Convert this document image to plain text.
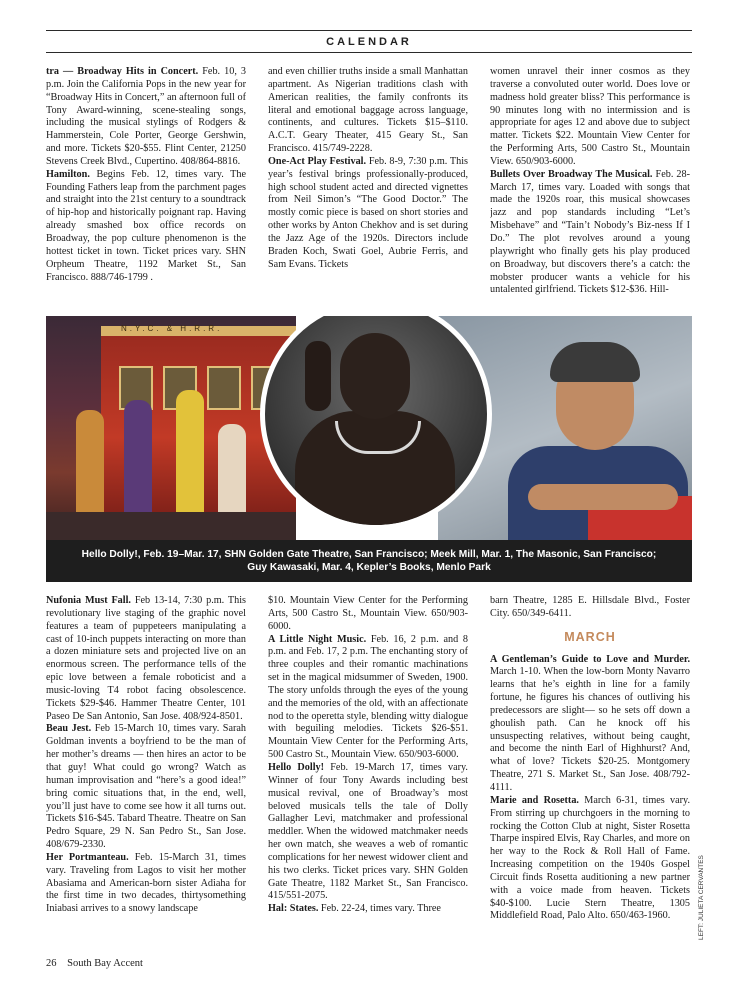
CALENDAR

tra — Broadway Hits in Concert. Feb. 10, 3 p.m. Join the California Pops in the new year for “Broadway Hits in Concert,” an afternoon full of Tony Award-winning, scene-stealing songs, including the musical stylings of Rodgers & Hammerstein, Cole Porter, George Gershwin, and more. Tickets $20-$55. Flint Center, 21250 Stevens Creek Blvd., Cupertino. 408/864-8816.

Hamilton. Begins Feb. 12, times vary. The Founding Fathers leap from the parchment pages and straight into the 21st century to a soundtrack of hip-hop and historically poignant rap. Having already smashed box office records on Broadway, the pop culture phenomenon is the hottest ticket in town. Ticket prices vary. SHN Orpheum Theatre, 1192 Market St., San Francisco. 888/746-1799 .

and even chillier truths inside a small Manhattan apartment. As Nigerian traditions clash with American realities, the family confronts its literal and emotional baggage across language, continents, and cultures. Tickets $15–$110. A.C.T. Geary Theater, 415 Geary St., San Francisco. 415/749-2228.

One-Act Play Festival. Feb. 8-9, 7:30 p.m. This year’s festival brings professionally-produced, high school student acted and directed vignettes from Neil Simon’s “The Good Doctor.” The mostly comic piece is based on short stories and other works by Anton Chekhov and is set during the Jazz Age of the 1920s. Directors include Braden Koch, Swati Goel, Aubrie Ferris, and Sam Evans. Tickets

women unravel their inner cosmos as they traverse a convoluted outer world. Does love or madness hold greater bliss? This performance is 90 minutes long with no intermission and is appropriate for ages 12 and above due to subject matter. Tickets $22. Mountain View Center for the Performing Arts, 500 Castro St., Mountain View. 650/903-6000.

Bullets Over Broadway The Musical. Feb. 28-March 17, times vary. Loaded with songs that made the 1920s roar, this musical showcases jazz and pop standards including “Let’s Misbehave” and “Tain’t Nobody’s Biz-ness If I Do.” The plot revolves around a young playwright who finally gets his play produced on Broadway, but discovers there’s a catch: the mobster producer wants a vehicle for his untalented girlfriend. Tickets $12-$36. Hill-

N.Y.C. & H.R.R.
Hello Dolly!, Feb. 19–Mar. 17, SHN Golden Gate Theatre, San Francisco; Meek Mill, Mar. 1, The Masonic, San Francisco;
Guy Kawasaki, Mar. 4, Kepler’s Books, Menlo Park

Nufonia Must Fall. Feb 13-14, 7:30 p.m. This revolutionary live staging of the graphic novel features a team of puppeteers manipulating a cast of 10-inch puppets interacting on more than a dozen miniature sets and projected live on an enormous screen. The performance tells of the epic love between a female roboticist and a music-loving T4 robot facing obsolescence. Tickets $29-$46. Hammer Theatre Center, 101 Paseo De San Antonio, San Jose. 408/924-8501.

Beau Jest. Feb 15-March 10, times vary. Sarah Goldman invents a boyfriend to be the man of her mother’s dreams — then hires an actor to be that guy! What could go wrong? Watch as human improvisation and “here’s a good idea!” bring comic situations that, in the end, well, you’ll just have to come see how it all turns out. Tickets $16-$45. Tabard Theatre. Theatre on San Pedro Square, 29 N. San Pedro St., San Jose. 408/679-2330.

Her Portmanteau. Feb. 15-March 31, times vary. Traveling from Lagos to visit her mother Abasiama and American-born sister Adiaha for the first time in two decades, thirtysomething Iniabasi arrives to a snowy landscape

$10. Mountain View Center for the Performing Arts, 500 Castro St., Mountain View. 650/903-6000.

A Little Night Music. Feb. 16, 2 p.m. and 8 p.m. and Feb. 17, 2 p.m. The enchanting story of three couples and their romantic machinations set in the magical midsummer of Sweden, 1900. The story unfolds through the eyes of the young and the memories of the old, with an affectionate nod to the operetta style, blending witty dialogue with beguiling melodies. Tickets $26-$51. Mountain View Center for the Performing Arts, 500 Castro St., Mountain View. 650/903-6000.

Hello Dolly! Feb. 19-March 17, times vary. Winner of four Tony Awards including best musical revival, one of Broadway’s most beloved musicals tells the tale of Dolly Gallagher Levi, matchmaker and professional meddler. When the widowed matchmaker needs her own match, she weaves a web of romantic complications for her newest widower client and his two clerks. Ticket prices vary. SHN Golden Gate Theatre, 1182 Market St., San Francisco. 415/551-2075.

Hal: States. Feb. 22-24, times vary. Three

barn Theatre, 1285 E. Hillsdale Blvd., Foster City. 650/349-6411.

MARCH

A Gentleman’s Guide to Love and Murder. March 1-10. When the low-born Monty Navarro learns that he’s eighth in line for a family fortune, he figures his chances of outliving his predecessors are slight— so he sets off down a ghoulish path. Can he knock off his unsuspecting relatives, without being caught, and become the ninth Earl of Highhurst? And, what of love? Tickets $20-25. Montgomery Theatre, 271 S. Market St., San Jose. 408/792-4111.

Marie and Rosetta. March 6-31, times vary. From stirring up churchgoers in the morning to rocking the Cotton Club at night, Sister Rosetta Tharpe inspired Elvis, Ray Charles, and more on her way to the Rock & Roll Hall of Fame. Increasing competition on the 1940s Gospel Circuit finds Rosetta auditioning a new partner with a voice made from heaven. Tickets $40-$100. Lucie Stern Theatre, 1305 Middlefield Road, Palo Alto. 650/463-1960.	LEFT: JULIETA CERVANTES
26 South Bay Accent
